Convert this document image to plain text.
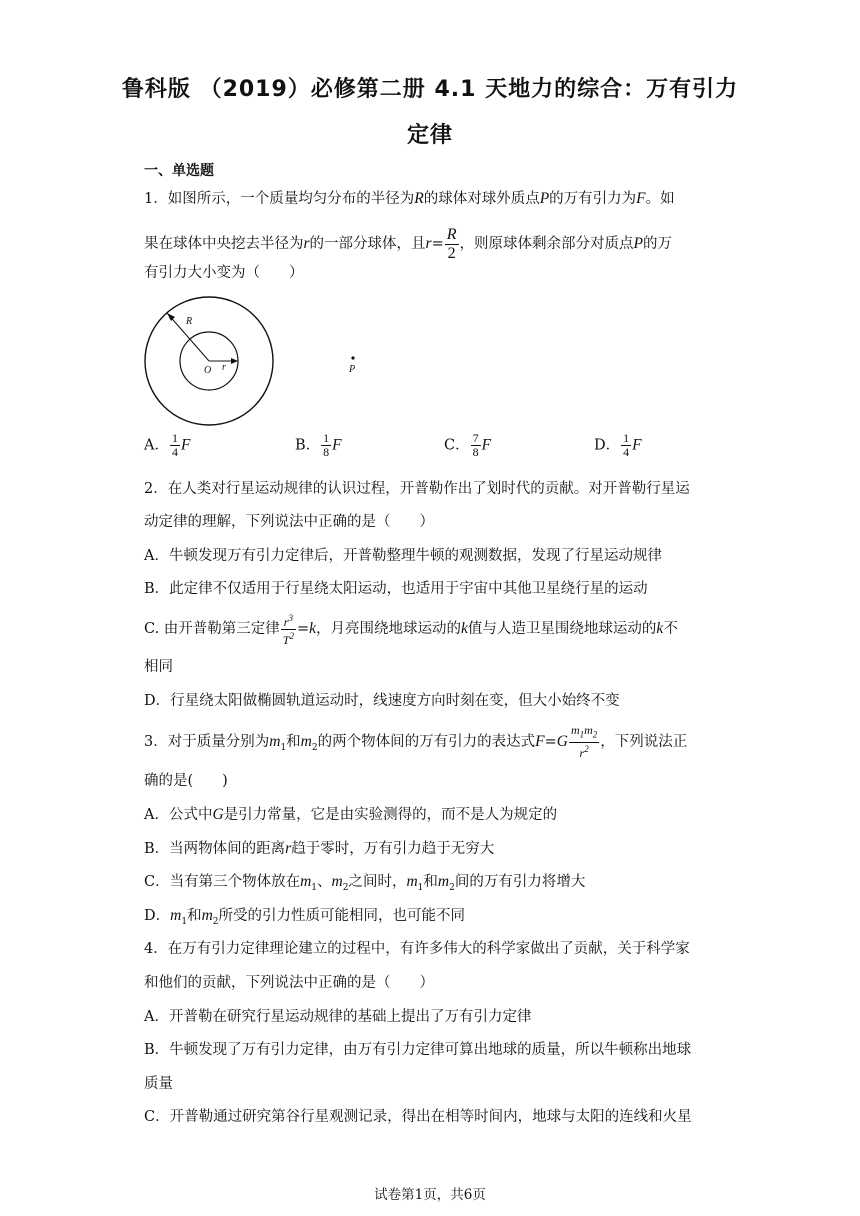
鲁科版 （2019）必修第二册 4.1 天地力的综合：万有引力
定律
一、单选题
1．如图所示，一个质量均匀分布的半径为R的球体对球外质点P的万有引力为F。如
果在球体中央挖去半径为r的一部分球体，且$r= \frac{R}{2}$ ，则原球体剩余部分对质点P的万
有引力大小变为（　　）
R
O r	P
A． $\frac{1}{4}$ F	B． $\frac{1}{8}$ F	C． $\frac{7}{8}$ F	D． $\frac{1}{4}$ F
2．在人类对行星运动规律的认识过程，开普勒作出了划时代的贡献。对开普勒行星运
动定律的理解，下列说法中正确的是（　　）
A．牛顿发现万有引力定律后，开普勒整理牛顿的观测数据，发现了行星运动规律
B．此定律不仅适用于行星绕太阳运动，也适用于宇宙中其他卫星绕行星的运动
C. 由开普勒第三定律 $\frac{r^3}{T^2} =k$，月亮围绕地球运动的k值与人造卫星围绕地球运动的k不
相同
D．行星绕太阳做椭圆轨道运动时，线速度方向时刻在变，但大小始终不变
3．对于质量分别为$m_1$和$m_2$的两个物体间的万有引力的表达式$F=G \frac{m_1m_2}{r^2}$ ，下列说法正
确的是(　　)
A．公式中G是引力常量，它是由实验测得的，而不是人为规定的
B．当两物体间的距离r趋于零时，万有引力趋于无穷大
C．当有第三个物体放在$m_1$、$m_2$之间时，$m_1$和$m_2$间的万有引力将增大
D．$m_1$和$m_2$所受的引力性质可能相同，也可能不同
4．在万有引力定律理论建立的过程中，有许多伟大的科学家做出了贡献，关于科学家
和他们的贡献，下列说法中正确的是（　　）
A．开普勒在研究行星运动规律的基础上提出了万有引力定律
B．牛顿发现了万有引力定律，由万有引力定律可算出地球的质量，所以牛顿称出地球
质量
C．开普勒通过研究第谷行星观测记录，得出在相等时间内，地球与太阳的连线和火星
试卷第1页，共6页
